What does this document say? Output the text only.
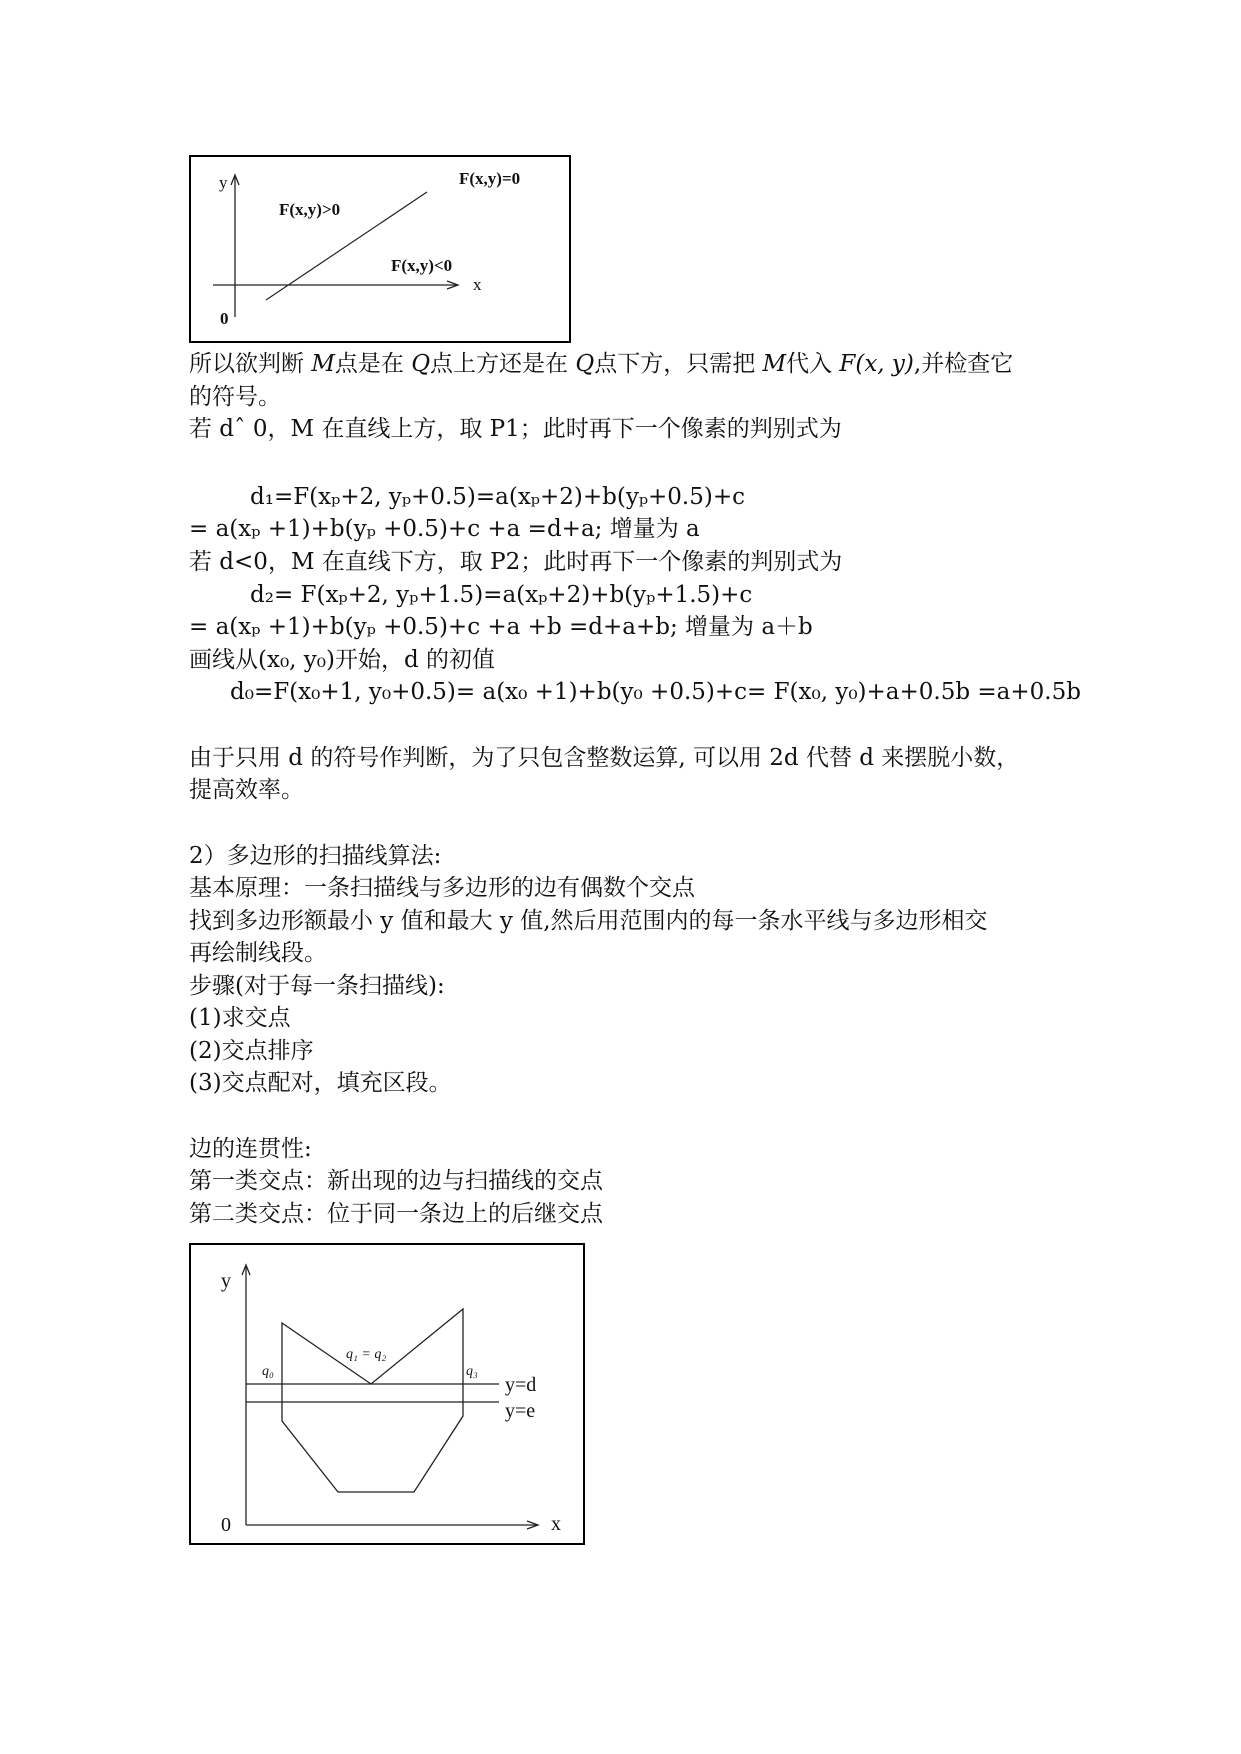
y
x
0
F(x,y)=0
F(x,y)>0
F(x,y)<0
所以欲判断 M点是在 Q点上方还是在 Q点下方，只需把 M代入 F(x, y),并检查它
的符号。
若 dˆ 0，M 在直线上方，取 P1；此时再下一个像素的判别式为
d₁=F(xₚ+2, yₚ+0.5)=a(xₚ+2)+b(yₚ+0.5)+c
= a(xₚ +1)+b(yₚ +0.5)+c +a =d+a; 增量为 a
若 d<0，M 在直线下方，取 P2；此时再下一个像素的判别式为
d₂= F(xₚ+2, yₚ+1.5)=a(xₚ+2)+b(yₚ+1.5)+c
= a(xₚ +1)+b(yₚ +0.5)+c +a +b =d+a+b; 增量为 a＋b
画线从(x₀, y₀)开始，d 的初值
d₀=F(x₀+1, y₀+0.5)= a(x₀ +1)+b(y₀ +0.5)+c= F(x₀, y₀)+a+0.5b =a+0.5b
由于只用 d 的符号作判断，为了只包含整数运算, 可以用 2d 代替 d 来摆脱小数，
提高效率。
2）多边形的扫描线算法:
基本原理：一条扫描线与多边形的边有偶数个交点
找到多边形额最小 y 值和最大 y 值,然后用范围内的每一条水平线与多边形相交
再绘制线段。
步骤(对于每一条扫描线):
(1)求交点
(2)交点排序
(3)交点配对，填充区段。
边的连贯性:
第一类交点：新出现的边与扫描线的交点
第二类交点：位于同一条边上的后继交点
y
x
0
q₀
q₁ = q₂
q₃
y=d
y=e
